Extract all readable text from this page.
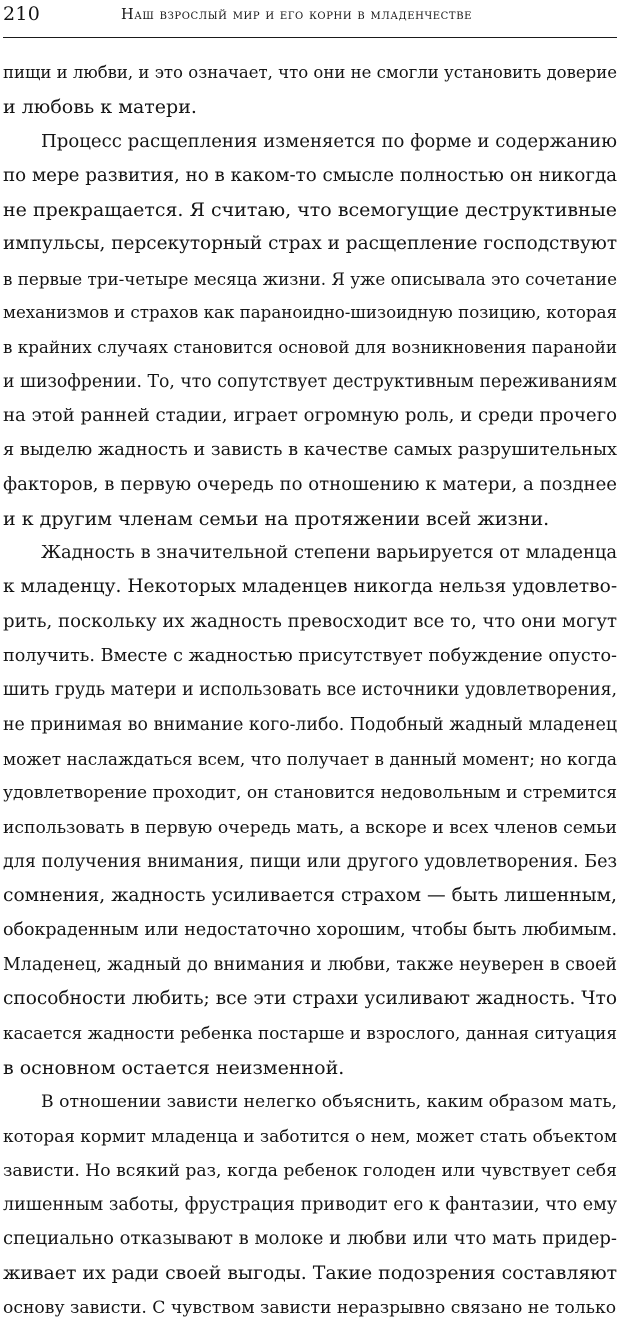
210	Наш взрослый мир и его корни в младенчестве
пищи и любви, и это означает, что они не смогли установить доверие
и любовь к матери.
Процесс расщепления изменяется по форме и содержанию
по мере развития, но в каком-то смысле полностью он никогда
не прекращается. Я считаю, что всемогущие деструктивные
импульсы, персекуторный страх и расщепление господствуют
в первые три-четыре месяца жизни. Я уже описывала это сочетание
механизмов и страхов как параноидно-шизоидную позицию, которая
в крайних случаях становится основой для возникновения паранойи
и шизофрении. То, что сопутствует деструктивным переживаниям
на этой ранней стадии, играет огромную роль, и среди прочего
я выделю жадность и зависть в качестве самых разрушительных
факторов, в первую очередь по отношению к матери, а позднее
и к другим членам семьи на протяжении всей жизни.
Жадность в значительной степени варьируется от младенца
к младенцу. Некоторых младенцев никогда нельзя удовлетво-
рить, поскольку их жадность превосходит все то, что они могут
получить. Вместе с жадностью присутствует побуждение опусто-
шить грудь матери и использовать все источники удовлетворения,
не принимая во внимание кого-либо. Подобный жадный младенец
может наслаждаться всем, что получает в данный момент; но когда
удовлетворение проходит, он становится недовольным и стремится
использовать в первую очередь мать, а вскоре и всех членов семьи
для получения внимания, пищи или другого удовлетворения. Без
сомнения, жадность усиливается страхом — быть лишенным,
обокраденным или недостаточно хорошим, чтобы быть любимым.
Младенец, жадный до внимания и любви, также неуверен в своей
способности любить; все эти страхи усиливают жадность. Что
касается жадности ребенка постарше и взрослого, данная ситуация
в основном остается неизменной.
В отношении зависти нелегко объяснить, каким образом мать,
которая кормит младенца и заботится о нем, может стать объектом
зависти. Но всякий раз, когда ребенок голоден или чувствует себя
лишенным заботы, фрустрация приводит его к фантазии, что ему
специально отказывают в молоке и любви или что мать придер-
живает их ради своей выгоды. Такие подозрения составляют
основу зависти. С чувством зависти неразрывно связано не только
